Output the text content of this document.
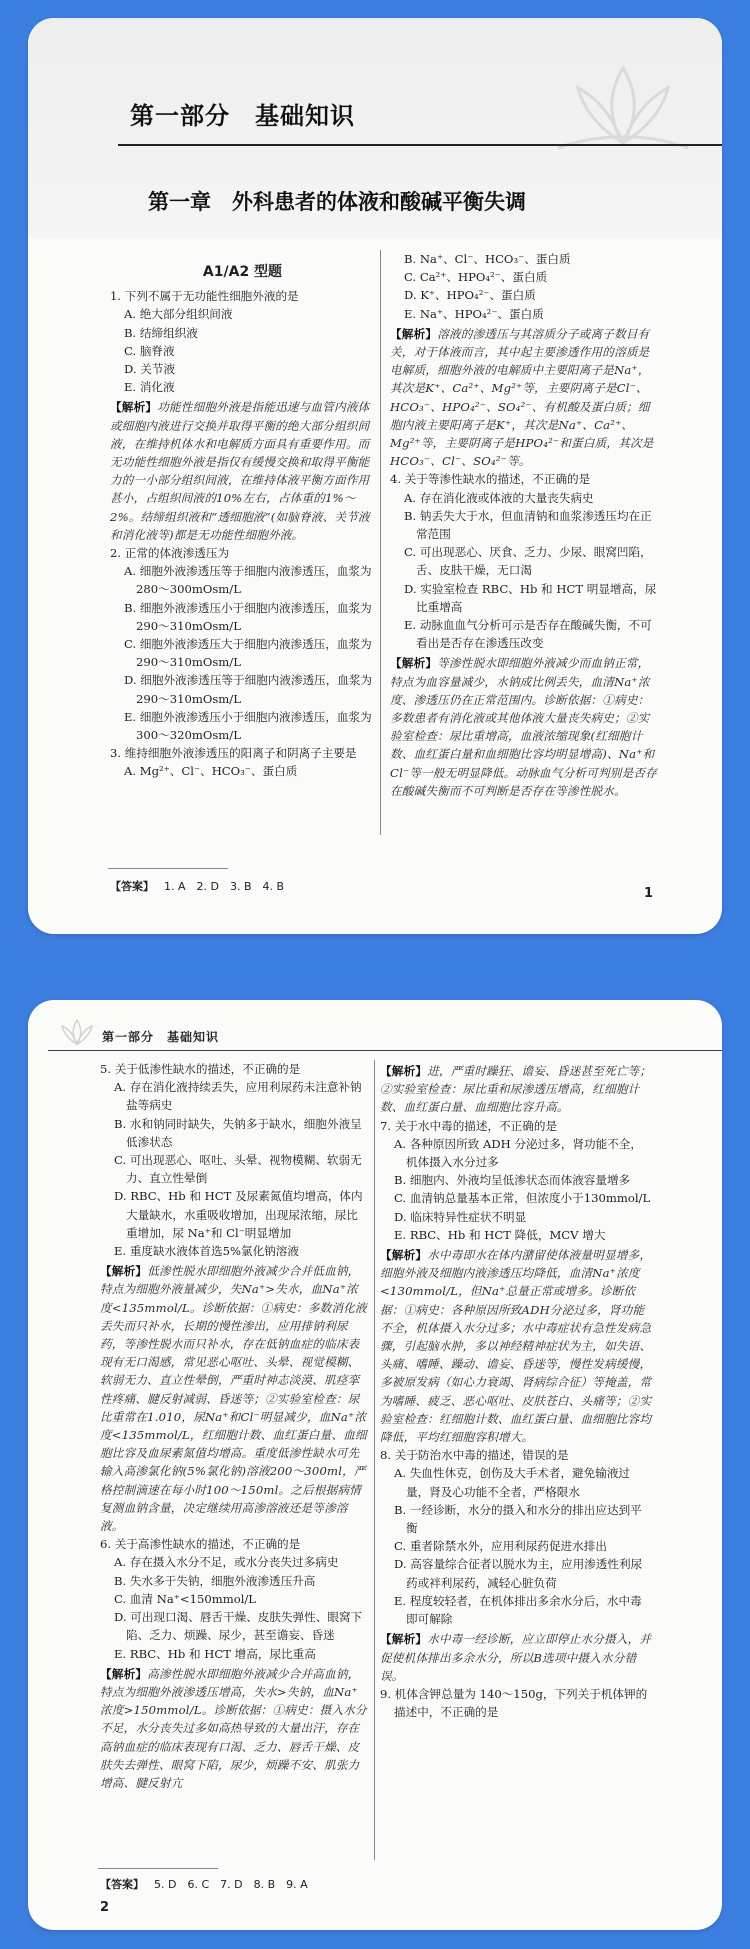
第一部分　基础知识
第一章　外科患者的体液和酸碱平衡失调
A1/A2 型题
1. 下列不属于无功能性细胞外液的是
A. 绝大部分组织间液
B. 结缔组织液
C. 脑脊液
D. 关节液
E. 消化液
【解析】功能性细胞外液是指能迅速与血管内液体或细胞内液进行交换并取得平衡的绝大部分组织间液，在维持机体水和电解质方面具有重要作用。而无功能性细胞外液是指仅有缓慢交换和取得平衡能力的一小部分组织间液，在维持体液平衡方面作用甚小，占组织间液的10%左右，占体重的1%～2%。结缔组织液和“透细胞液”(如脑脊液、关节液和消化液等)都是无功能性细胞外液。
2. 正常的体液渗透压为
A. 细胞外液渗透压等于细胞内液渗透压，血浆为280～300mOsm/L
B. 细胞外液渗透压小于细胞内液渗透压，血浆为290～310mOsm/L
C. 细胞外液渗透压大于细胞内液渗透压，血浆为290～310mOsm/L
D. 细胞外液渗透压等于细胞内液渗透压，血浆为290～310mOsm/L
E. 细胞外液渗透压小于细胞内液渗透压，血浆为300～320mOsm/L
3. 维持细胞外液渗透压的阳离子和阴离子主要是
A. Mg²⁺、Cl⁻、HCO₃⁻、蛋白质
B. Na⁺、Cl⁻、HCO₃⁻、蛋白质
C. Ca²⁺、HPO₄²⁻、蛋白质
D. K⁺、HPO₄²⁻、蛋白质
E. Na⁺、HPO₄²⁻、蛋白质
【解析】溶液的渗透压与其溶质分子或离子数目有关，对于体液而言，其中起主要渗透作用的溶质是电解质，细胞外液的电解质中主要阳离子是Na⁺，其次是K⁺、Ca²⁺、Mg²⁺等，主要阴离子是Cl⁻、HCO₃⁻、HPO₄²⁻、SO₄²⁻、有机酸及蛋白质；细胞内液主要阳离子是K⁺，其次是Na⁺、Ca²⁺、Mg²⁺等，主要阴离子是HPO₄²⁻和蛋白质，其次是HCO₃⁻、Cl⁻、SO₄²⁻等。
4. 关于等渗性缺水的描述，不正确的是
A. 存在消化液或体液的大量丧失病史
B. 钠丢失大于水，但血清钠和血浆渗透压均在正常范围
C. 可出现恶心、厌食、乏力、少尿、眼窝凹陷，舌、皮肤干燥，无口渴
D. 实验室检查 RBC、Hb 和 HCT 明显增高，尿比重增高
E. 动脉血血气分析可示是否存在酸碱失衡，不可看出是否存在渗透压改变
【解析】等渗性脱水即细胞外液减少而血钠正常，特点为血容量减少，水钠成比例丢失，血清Na⁺浓度、渗透压仍在正常范围内。诊断依据：①病史：多数患者有消化液或其他体液大量丧失病史；②实验室检查：尿比重增高，血液浓缩现象(红细胞计数、血红蛋白量和血细胞比容均明显增高)、Na⁺和Cl⁻等一般无明显降低。动脉血气分析可判别是否存在酸碱失衡而不可判断是否存在等渗性脱水。
【答案】 1. A　2. D　3. B　4. B	1
第一部分　基础知识
5. 关于低渗性缺水的描述，不正确的是
A. 存在消化液持续丢失，应用利尿药未注意补钠盐等病史
B. 水和钠同时缺失，失钠多于缺水，细胞外液呈低渗状态
C. 可出现恶心、呕吐、头晕、视物模糊、软弱无力、直立性晕倒
D. RBC、Hb 和 HCT 及尿素氮值均增高，体内大量缺水，水重吸收增加，出现尿浓缩，尿比重增加，尿 Na⁺和 Cl⁻明显增加
E. 重度缺水液体首选5%氯化钠溶液
【解析】低渗性脱水即细胞外液减少合并低血钠，特点为细胞外液量减少，失Na⁺>失水，血Na⁺浓度<135mmol/L。诊断依据：①病史：多数消化液丢失而只补水，长期的慢性渗出，应用排钠利尿药，等渗性脱水而只补水，存在低钠血症的临床表现有无口渴感，常见恶心呕吐、头晕、视觉模糊、软弱无力、直立性晕倒，严重时神志淡漠、肌痉挛性疼痛、腱反射减弱、昏迷等；②实验室检查：尿比重常在1.010，尿Na⁺和Cl⁻明显减少，血Na⁺浓度<135mmol/L，红细胞计数、血红蛋白量、血细胞比容及血尿素氮值均增高。重度低渗性缺水可先输入高渗氯化钠(5%氯化钠)溶液200～300ml，严格控制滴速在每小时100～150ml。之后根据病情复测血钠含量，决定继续用高渗溶液还是等渗溶液。
6. 关于高渗性缺水的描述，不正确的是
A. 存在摄入水分不足，或水分丧失过多病史
B. 失水多于失钠，细胞外液渗透压升高
C. 血清 Na⁺<150mmol/L
D. 可出现口渴、唇舌干燥、皮肤失弹性、眼窝下陷、乏力、烦躁、尿少，甚至谵妄、昏迷
E. RBC、Hb 和 HCT 增高，尿比重高
【解析】高渗性脱水即细胞外液减少合并高血钠，特点为细胞外液渗透压增高，失水>失钠，血Na⁺浓度>150mmol/L。诊断依据：①病史：摄入水分不足，水分丧失过多如高热导致的大量出汗，存在高钠血症的临床表现有口渴、乏力、唇舌干燥、皮肤失去弹性、眼窝下陷，尿少，烦躁不安、肌张力增高、腱反射亢
【解析】进，严重时躁狂、谵妄、昏迷甚至死亡等；②实验室检查：尿比重和尿渗透压增高，红细胞计数、血红蛋白量、血细胞比容升高。
7. 关于水中毒的描述，不正确的是
A. 各种原因所致 ADH 分泌过多，肾功能不全，机体摄入水分过多
B. 细胞内、外液均呈低渗状态而体液容量增多
C. 血清钠总量基本正常，但浓度小于130mmol/L
D. 临床特异性症状不明显
E. RBC、Hb 和 HCT 降低，MCV 增大
【解析】水中毒即水在体内潴留使体液量明显增多，细胞外液及细胞内液渗透压均降低，血清Na⁺浓度<130mmol/L，但Na⁺总量正常或增多。诊断依据：①病史：各种原因所致ADH分泌过多，肾功能不全，机体摄入水分过多；水中毒症状有急性发病急骤，引起脑水肿，多以神经精神症状为主，如失语、头痛、嗜睡、躁动、谵妄、昏迷等，慢性发病缓慢，多被原发病（如心力衰竭、肾病综合征）等掩盖，常为嗜睡、疲乏、恶心呕吐、皮肤苍白、头痛等；②实验室检查：红细胞计数、血红蛋白量、血细胞比容均降低，平均红细胞容积增大。
8. 关于防治水中毒的描述，错误的是
A. 失血性休克，创伤及大手术者，避免输液过量，肾及心功能不全者，严格限水
B. 一经诊断，水分的摄入和水分的排出应达到平衡
C. 重者除禁水外，应用利尿药促进水排出
D. 高容量综合征者以脱水为主，应用渗透性利尿药或袢利尿药，减轻心脏负荷
E. 程度较轻者，在机体排出多余水分后，水中毒即可解除
【解析】水中毒一经诊断，应立即停止水分摄入，并促使机体排出多余水分，所以B选项中摄入水分错误。
9. 机体含钾总量为 140～150g，下列关于机体钾的描述中，不正确的是
【答案】 5. D　6. C　7. D　8. B　9. A
2
